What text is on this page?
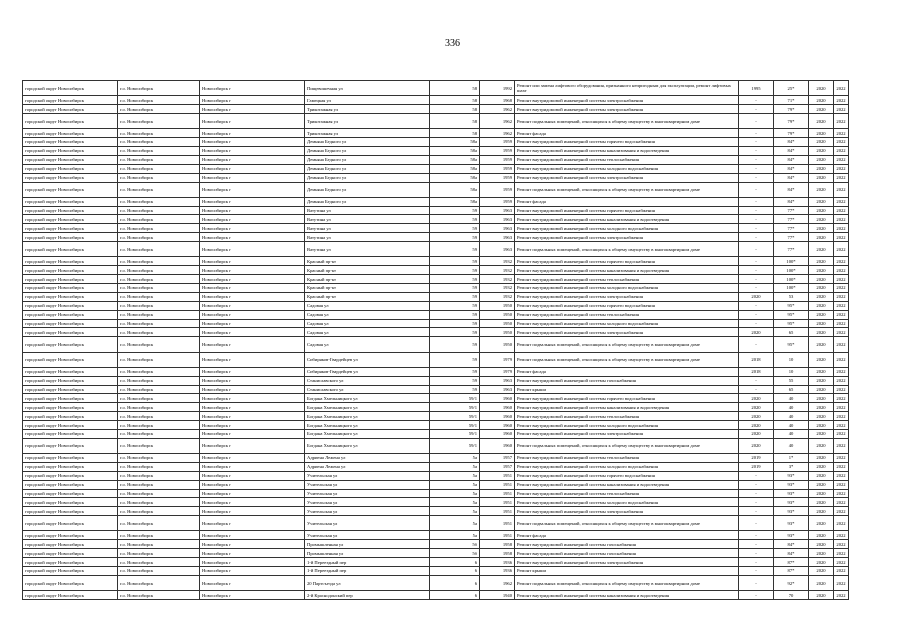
336
городской округ Новосибирск	г.о. Новосибирск	Новосибирск г	Пищевошечная ул	58	1992	Ремонт или замена лифтового оборудования, признанного непригодным для эксплуатации, ремонт лифтовых шахт	1995	25*	2020	2022
городской округ Новосибирск	г.о. Новосибирск	Новосибирск г	Гамецкая ул	58	1968	Ремонт внутридомовой инженерной системы электроснабжения	-	71*	2020	2022
городской округ Новосибирск	г.о. Новосибирск	Новосибирск г	Трикотажная ул	58	1962	Ремонт внутридомовой инженерной системы электроснабжения	-	79*	2020	2022
городской округ Новосибирск	г.о. Новосибирск	Новосибирск г	Трикотажная ул	58	1962	Ремонт подвальных помещений, относящихся к общему имуществу в многоквартирном доме	-	79*	2020	2022
городской округ Новосибирск	г.о. Новосибирск	Новосибирск г	Трикотажная ул	58	1962	Ремонт фасада	-	79*	2020	2022
городской округ Новосибирск	г.о. Новосибирск	Новосибирск г	Демьяна Бедного ул	58а	1959	Ремонт внутридомовой инженерной системы горячего водоснабжения	-	84*	2020	2022
городской округ Новосибирск	г.о. Новосибирск	Новосибирск г	Демьяна Бедного ул	58а	1959	Ремонт внутридомовой инженерной системы канализования и водоотведения	-	84*	2020	2022
городской округ Новосибирск	г.о. Новосибирск	Новосибирск г	Демьяна Бедного ул	58а	1959	Ремонт внутридомовой инженерной системы теплоснабжения	-	84*	2020	2022
городской округ Новосибирск	г.о. Новосибирск	Новосибирск г	Демьяна Бедного ул	58а	1959	Ремонт внутридомовой инженерной системы холодного водоснабжения	-	84*	2020	2022
городской округ Новосибирск	г.о. Новосибирск	Новосибирск г	Демьяна Бедного ул	58а	1959	Ремонт внутридомовой инженерной системы электроснабжения	-	84*	2020	2022
городской округ Новосибирск	г.о. Новосибирск	Новосибирск г	Демьяна Бедного ул	58а	1959	Ремонт подвальных помещений, относящихся к общему имуществу в многоквартирном доме	-	84*	2020	2022
городской округ Новосибирск	г.о. Новосибирск	Новосибирск г	Демьяна Бедного ул	58а	1959	Ремонт фасада	-	84*	2020	2022
городской округ Новосибирск	г.о. Новосибирск	Новосибирск г	Ватутина ул	59	1963	Ремонт внутридомовой инженерной системы горячего водоснабжения	-	77*	2020	2022
городской округ Новосибирск	г.о. Новосибирск	Новосибирск г	Ватутина ул	59	1963	Ремонт внутридомовой инженерной системы канализования и водоотведения	-	77*	2020	2022
городской округ Новосибирск	г.о. Новосибирск	Новосибирск г	Ватутина ул	59	1963	Ремонт внутридомовой инженерной системы холодного водоснабжения	-	77*	2020	2022
городской округ Новосибирск	г.о. Новосибирск	Новосибирск г	Ватутина ул	59	1963	Ремонт внутридомовой инженерной системы электроснабжения	-	77*	2020	2022
городской округ Новосибирск	г.о. Новосибирск	Новосибирск г	Ватутина ул	59	1963	Ремонт подвальных помещений, относящихся к общему имуществу в многоквартирном доме	-	77*	2020	2022
городской округ Новосибирск	г.о. Новосибирск	Новосибирск г	Красный пр-кт	59	1932	Ремонт внутридомовой инженерной системы горячего водоснабжения	-	100*	2020	2022
городской округ Новосибирск	г.о. Новосибирск	Новосибирск г	Красный пр-кт	59	1932	Ремонт внутридомовой инженерной системы канализования и водоотведения	-	100*	2020	2022
городской округ Новосибирск	г.о. Новосибирск	Новосибирск г	Красный пр-кт	59	1932	Ремонт внутридомовой инженерной системы теплоснабжения	-	100*	2020	2022
городской округ Новосибирск	г.о. Новосибирск	Новосибирск г	Красный пр-кт	59	1932	Ремонт внутридомовой инженерной системы холодного водоснабжения	-	100*	2020	2022
городской округ Новосибирск	г.о. Новосибирск	Новосибирск г	Красный пр-кт	59	1932	Ремонт внутридомовой инженерной системы электроснабжения	2020	53	2020	2022
городской округ Новосибирск	г.о. Новосибирск	Новосибирск г	Садовая ул	59	1950	Ремонт внутридомовой инженерной системы горячего водоснабжения	-	95*	2020	2022
городской округ Новосибирск	г.о. Новосибирск	Новосибирск г	Садовая ул	59	1950	Ремонт внутридомовой инженерной системы теплоснабжения	-	95*	2020	2022
городской округ Новосибирск	г.о. Новосибирск	Новосибирск г	Садовая ул	59	1950	Ремонт внутридомовой инженерной системы холодного водоснабжения	-	95*	2020	2022
городской округ Новосибирск	г.о. Новосибирск	Новосибирск г	Садовая ул	59	1950	Ремонт внутридомовой инженерной системы электроснабжения	2020	65	2020	2022
городской округ Новосибирск	г.о. Новосибирск	Новосибирск г	Садовая ул	59	1950	Ремонт подвальных помещений, относящихся к общему имуществу в многоквартирном доме	-	95*	2020	2022
городской округ Новосибирск	г.о. Новосибирск	Новосибирск г	Сибиряков-Гвардейцев ул	59	1979	Ремонт подвальных помещений, относящихся к общему имуществу в многоквартирном доме	2018	10	2020	2022
городской округ Новосибирск	г.о. Новосибирск	Новосибирск г	Сибиряков-Гвардейцев ул	59	1979	Ремонт фасада	2018	10	2020	2022
городской округ Новосибирск	г.о. Новосибирск	Новосибирск г	Станиславского ул	59	1963	Ремонт внутридомовой инженерной системы газоснабжения	-	55	2020	2022
городской округ Новосибирск	г.о. Новосибирск	Новосибирск г	Станиславского ул	59	1963	Ремонт крыши	-	65	2020	2022
городской округ Новосибирск	г.о. Новосибирск	Новосибирск г	Богдана Хмельницкого ул	59/1	1960	Ремонт внутридомовой инженерной системы горячего водоснабжения	2020	40	2020	2022
городской округ Новосибирск	г.о. Новосибирск	Новосибирск г	Богдана Хмельницкого ул	59/1	1960	Ремонт внутридомовой инженерной системы канализования и водоотведения	2020	40	2020	2022
городской округ Новосибирск	г.о. Новосибирск	Новосибирск г	Богдана Хмельницкого ул	59/1	1960	Ремонт внутридомовой инженерной системы теплоснабжения	2020	40	2020	2022
городской округ Новосибирск	г.о. Новосибирск	Новосибирск г	Богдана Хмельницкого ул	59/1	1960	Ремонт внутридомовой инженерной системы холодного водоснабжения	2020	40	2020	2022
городской округ Новосибирск	г.о. Новосибирск	Новосибирск г	Богдана Хмельницкого ул	59/1	1960	Ремонт внутридомовой инженерной системы электроснабжения	2020	40	2020	2022
городской округ Новосибирск	г.о. Новосибирск	Новосибирск г	Богдана Хмельницкого ул	59/1	1960	Ремонт подвальных помещений, относящихся к общему имуществу в многоквартирном доме	2020	40	2020	2022
городской округ Новосибирск	г.о. Новосибирск	Новосибирск г	Адриена Лежена ул	5а	1957	Ремонт внутридомовой инженерной системы теплоснабжения	2019	1*	2020	2022
городской округ Новосибирск	г.о. Новосибирск	Новосибирск г	Адриена Лежена ул	5а	1957	Ремонт внутридомовой инженерной системы холодного водоснабжения	2019	3*	2020	2022
городской округ Новосибирск	г.о. Новосибирск	Новосибирск г	Учительская ул	5а	1951	Ремонт внутридомовой инженерной системы горячего водоснабжения	-	93*	2020	2022
городской округ Новосибирск	г.о. Новосибирск	Новосибирск г	Учительская ул	5а	1951	Ремонт внутридомовой инженерной системы канализования и водоотведения	-	93*	2020	2022
городской округ Новосибирск	г.о. Новосибирск	Новосибирск г	Учительская ул	5а	1951	Ремонт внутридомовой инженерной системы теплоснабжения	-	93*	2020	2022
городской округ Новосибирск	г.о. Новосибирск	Новосибирск г	Учительская ул	5а	1951	Ремонт внутридомовой инженерной системы холодного водоснабжения	-	93*	2020	2022
городской округ Новосибирск	г.о. Новосибирск	Новосибирск г	Учительская ул	5а	1951	Ремонт внутридомовой инженерной системы электроснабжения	-	93*	2020	2022
городской округ Новосибирск	г.о. Новосибирск	Новосибирск г	Учительская ул	5а	1951	Ремонт подвальных помещений, относящихся к общему имуществу в многоквартирном доме	-	93*	2020	2022
городской округ Новосибирск	г.о. Новосибирск	Новосибирск г	Учительская ул	5а	1951	Ремонт фасада	-	93*	2020	2022
городской округ Новосибирск	г.о. Новосибирск	Новосибирск г	Промышленная ул	5б	1958	Ремонт внутридомовой инженерной системы газоснабжения	-	84*	2020	2022
городской округ Новосибирск	г.о. Новосибирск	Новосибирск г	Промышленная ул	5б	1958	Ремонт внутридомовой инженерной системы газоснабжения	-	84*	2020	2022
городской округ Новосибирск	г.о. Новосибирск	Новосибирск г	1-й Переездный пер	6	1936	Ремонт внутридомовой инженерной системы электроснабжения	-	87*	2020	2022
городской округ Новосибирск	г.о. Новосибирск	Новосибирск г	1-й Переездный пер	6	1936	Ремонт крыши	-	87*	2020	2022
городской округ Новосибирск	г.о. Новосибирск	Новосибирск г	20 Партсъезда ул	6	1962	Ремонт подвальных помещений, относящихся к общему имуществу в многоквартирном доме	-	92*	2020	2022
городской округ Новосибирск	г.о. Новосибирск	Новосибирск г	2-й Краснодонский пер	6	1940	Ремонт внутридомовой инженерной системы канализования и водоотведения	-	70	2020	2022
